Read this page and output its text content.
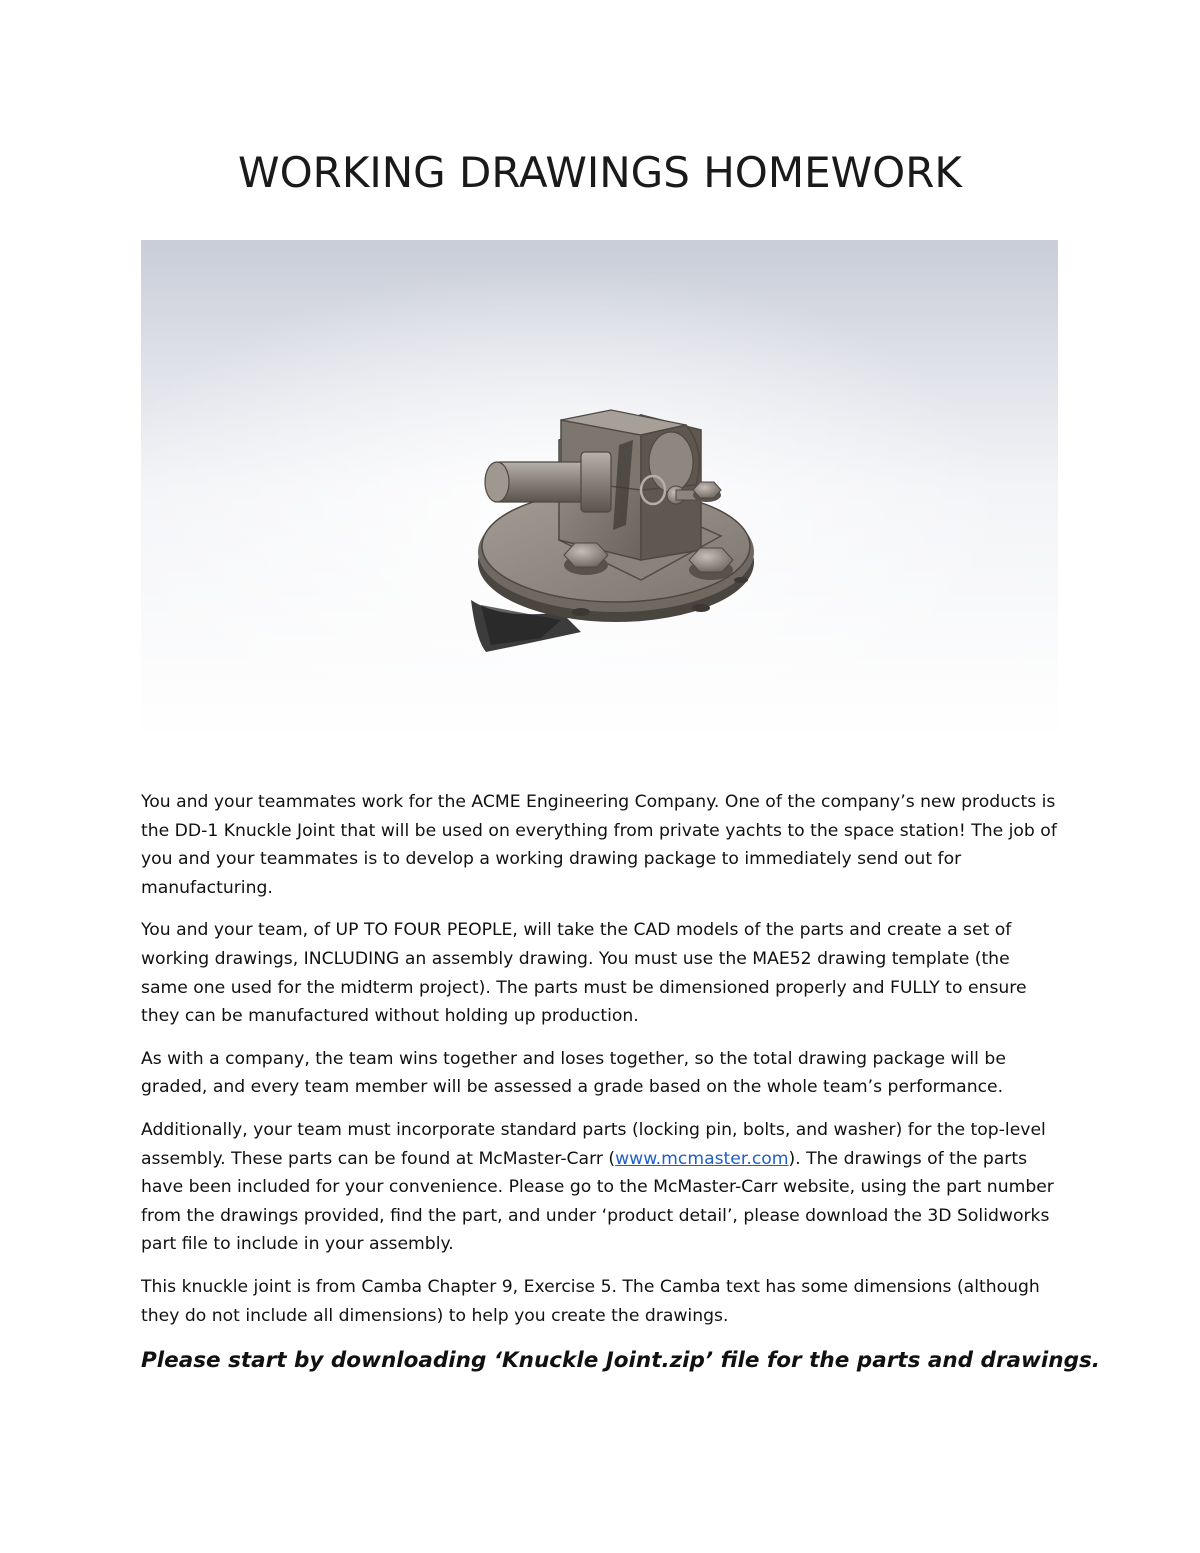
WORKING DRAWINGS HOMEWORK

You and your teammates work for the ACME Engineering Company. One of the company’s new products is the DD-1 Knuckle Joint that will be used on everything from private yachts to the space station! The job of you and your teammates is to develop a working drawing package to immediately send out for manufacturing.

You and your team, of UP TO FOUR PEOPLE, will take the CAD models of the parts and create a set of working drawings, INCLUDING an assembly drawing. You must use the MAE52 drawing template (the same one used for the midterm project). The parts must be dimensioned properly and FULLY to ensure they can be manufactured without holding up production.

As with a company, the team wins together and loses together, so the total drawing package will be graded, and every team member will be assessed a grade based on the whole team’s performance.

Additionally, your team must incorporate standard parts (locking pin, bolts, and washer) for the top-level assembly. These parts can be found at McMaster-Carr (www.mcmaster.com). The drawings of the parts have been included for your convenience. Please go to the McMaster-Carr website, using the part number from the drawings provided, find the part, and under ‘product detail’, please download the 3D Solidworks part file to include in your assembly.

This knuckle joint is from Camba Chapter 9, Exercise 5. The Camba text has some dimensions (although they do not include all dimensions) to help you create the drawings.

Please start by downloading ‘Knuckle Joint.zip’ file for the parts and drawings.
